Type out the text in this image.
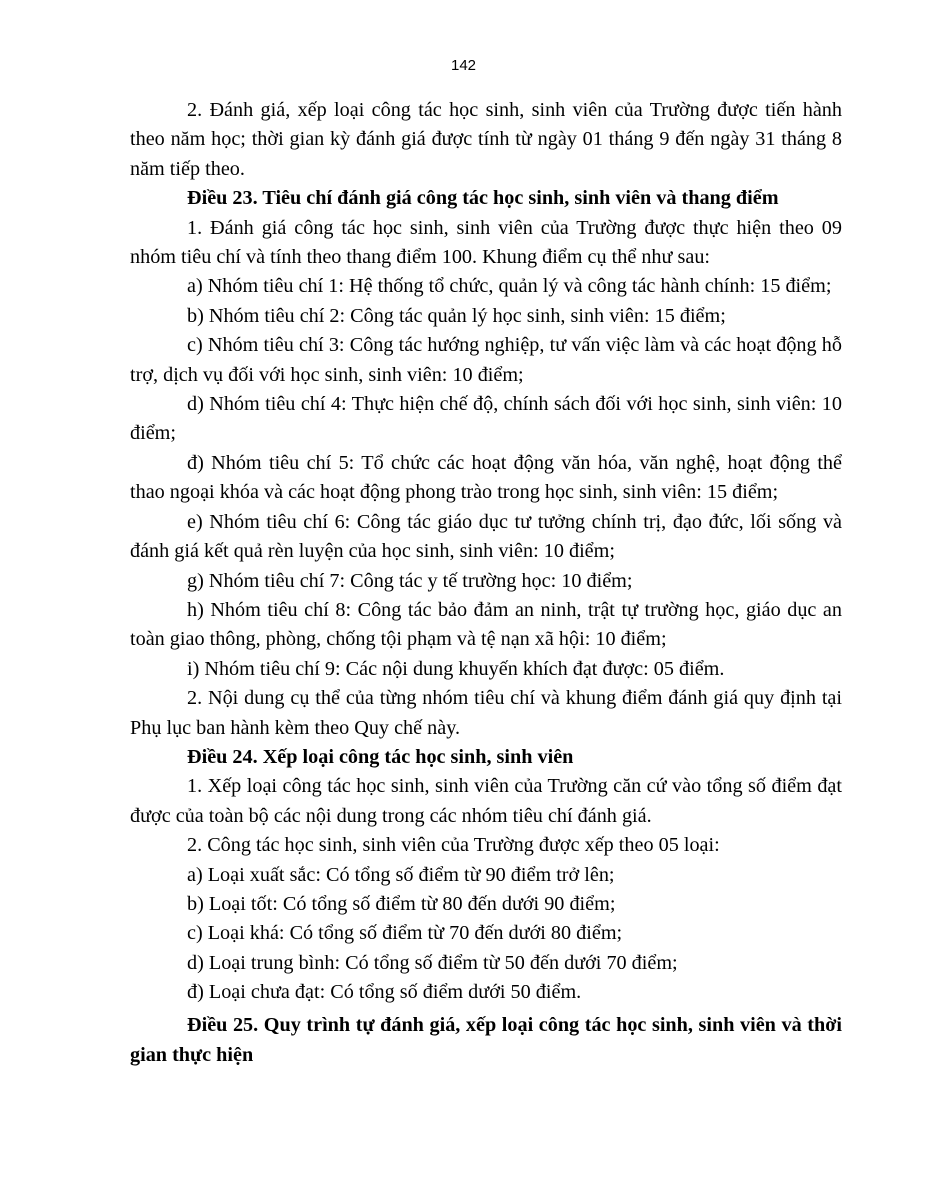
142

2. Đánh giá, xếp loại công tác học sinh, sinh viên của Trường được tiến hành theo năm học; thời gian kỳ đánh giá được tính từ ngày 01 tháng 9 đến ngày 31 tháng 8 năm tiếp theo.

Điều 23. Tiêu chí đánh giá công tác học sinh, sinh viên và thang điểm

1. Đánh giá công tác học sinh, sinh viên của Trường được thực hiện theo 09 nhóm tiêu chí và tính theo thang điểm 100. Khung điểm cụ thể như sau:

a) Nhóm tiêu chí 1: Hệ thống tổ chức, quản lý và công tác hành chính: 15 điểm;

b) Nhóm tiêu chí 2: Công tác quản lý học sinh, sinh viên: 15 điểm;

c) Nhóm tiêu chí 3: Công tác hướng nghiệp, tư vấn việc làm và các hoạt động hỗ trợ, dịch vụ đối với học sinh, sinh viên: 10 điểm;

d) Nhóm tiêu chí 4: Thực hiện chế độ, chính sách đối với học sinh, sinh viên: 10 điểm;

đ) Nhóm tiêu chí 5: Tổ chức các hoạt động văn hóa, văn nghệ, hoạt động thể thao ngoại khóa và các hoạt động phong trào trong học sinh, sinh viên: 15 điểm;

e) Nhóm tiêu chí 6: Công tác giáo dục tư tưởng chính trị, đạo đức, lối sống và đánh giá kết quả rèn luyện của học sinh, sinh viên: 10 điểm;

g) Nhóm tiêu chí 7: Công tác y tế trường học: 10 điểm;

h) Nhóm tiêu chí 8: Công tác bảo đảm an ninh, trật tự trường học, giáo dục an toàn giao thông, phòng, chống tội phạm và tệ nạn xã hội: 10 điểm;

i) Nhóm tiêu chí 9: Các nội dung khuyến khích đạt được: 05 điểm.

2. Nội dung cụ thể của từng nhóm tiêu chí và khung điểm đánh giá quy định tại Phụ lục ban hành kèm theo Quy chế này.

Điều 24. Xếp loại công tác học sinh, sinh viên

1. Xếp loại công tác học sinh, sinh viên của Trường căn cứ vào tổng số điểm đạt được của toàn bộ các nội dung trong các nhóm tiêu chí đánh giá.

2. Công tác học sinh, sinh viên của Trường được xếp theo 05 loại:

a) Loại xuất sắc: Có tổng số điểm từ 90 điểm trở lên;

b) Loại tốt: Có tổng số điểm từ 80 đến dưới 90 điểm;

c) Loại khá: Có tổng số điểm từ 70 đến dưới 80 điểm;

d) Loại trung bình: Có tổng số điểm từ 50 đến dưới 70 điểm;

đ) Loại chưa đạt: Có tổng số điểm dưới 50 điểm.

Điều 25. Quy trình tự đánh giá, xếp loại công tác học sinh, sinh viên và thời gian thực hiện
